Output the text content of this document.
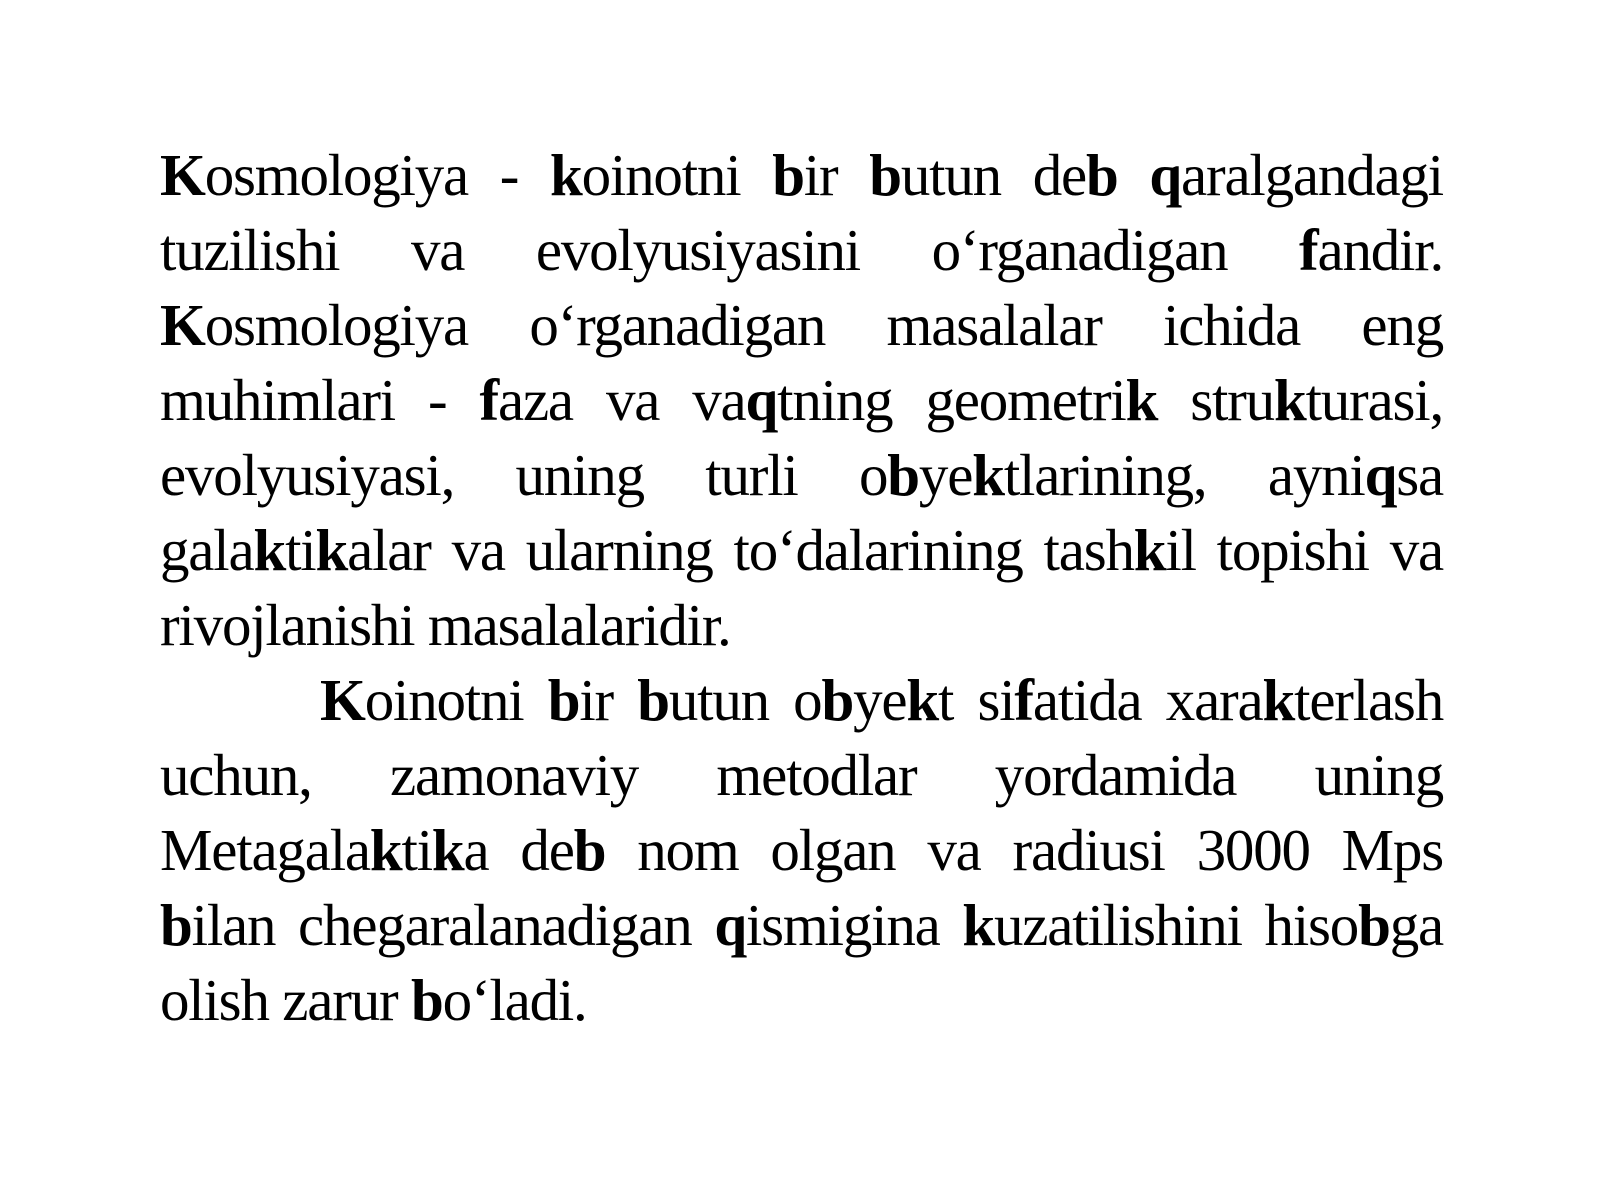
Kosmologiya - koinotni bir butun deb qaralgandagi tuzilishi va evolyusiyasini o‘rganadigan fandir. Kosmologiya o‘rganadigan masalalar ichida eng muhimlari - faza va vaqtning geometrik strukturasi, evolyusiyasi, uning turli obyektlarining, ayniqsa galaktikalar va ularning to‘dalarining tashkil topishi va rivojlanishi masalalaridir.

Koinotni bir butun obyekt sifatida xarakterlash uchun, zamonaviy metodlar yordamida uning Metagalaktika deb nom olgan va radiusi 3000 Mps bilan chegaralanadigan qismigina kuzatilishini hisobga olish zarur bo‘ladi.
